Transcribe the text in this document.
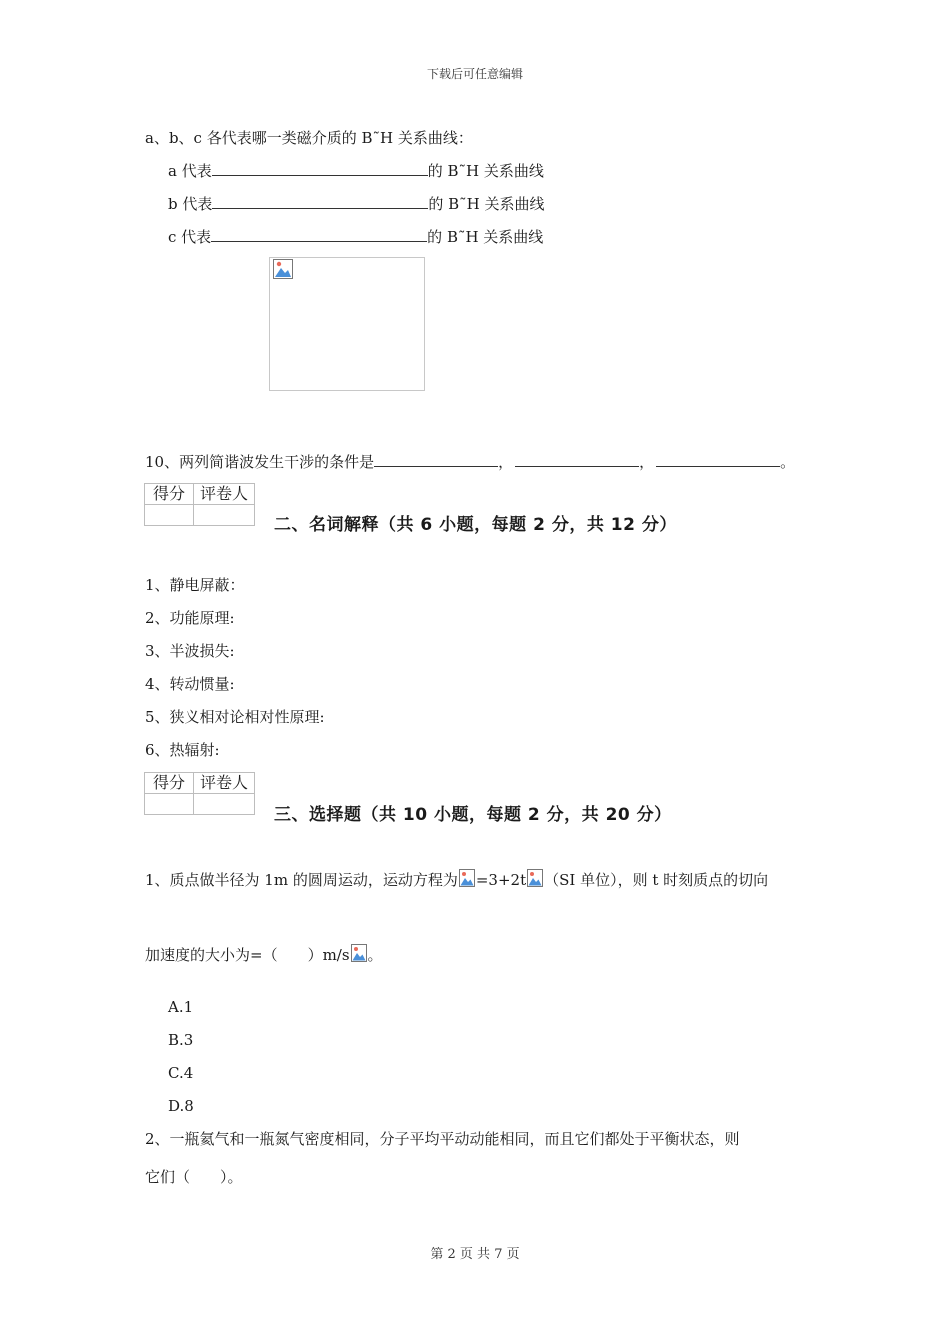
下载后可任意编辑
a、b、c 各代表哪一类磁介质的 B˜H 关系曲线：
a 代表	的 B˜H 关系曲线
b 代表	的 B˜H 关系曲线
c 代表	的 B˜H 关系曲线
10、两列简谐波发生干涉的条件是	，	，	。
得分	评卷人

二、名词解释（共 6 小题，每题 2 分，共 12 分）
1、静电屏蔽：
2、功能原理:
3、半波损失:
4、转动惯量:
5、狭义相对论相对性原理:
6、热辐射:
得分	评卷人

三、选择题（共 10 小题，每题 2 分，共 20 分）
1、质点做半径为 1m 的圆周运动，运动方程为 =3+2t （SI 单位），则 t 时刻质点的切向
加速度的大小为=（　　）m/s 。
A.1
B.3
C.4
D.8
2、一瓶氦气和一瓶氮气密度相同，分子平均平动动能相同，而且它们都处于平衡状态，则
它们（　　）。
第 2 页 共 7 页
